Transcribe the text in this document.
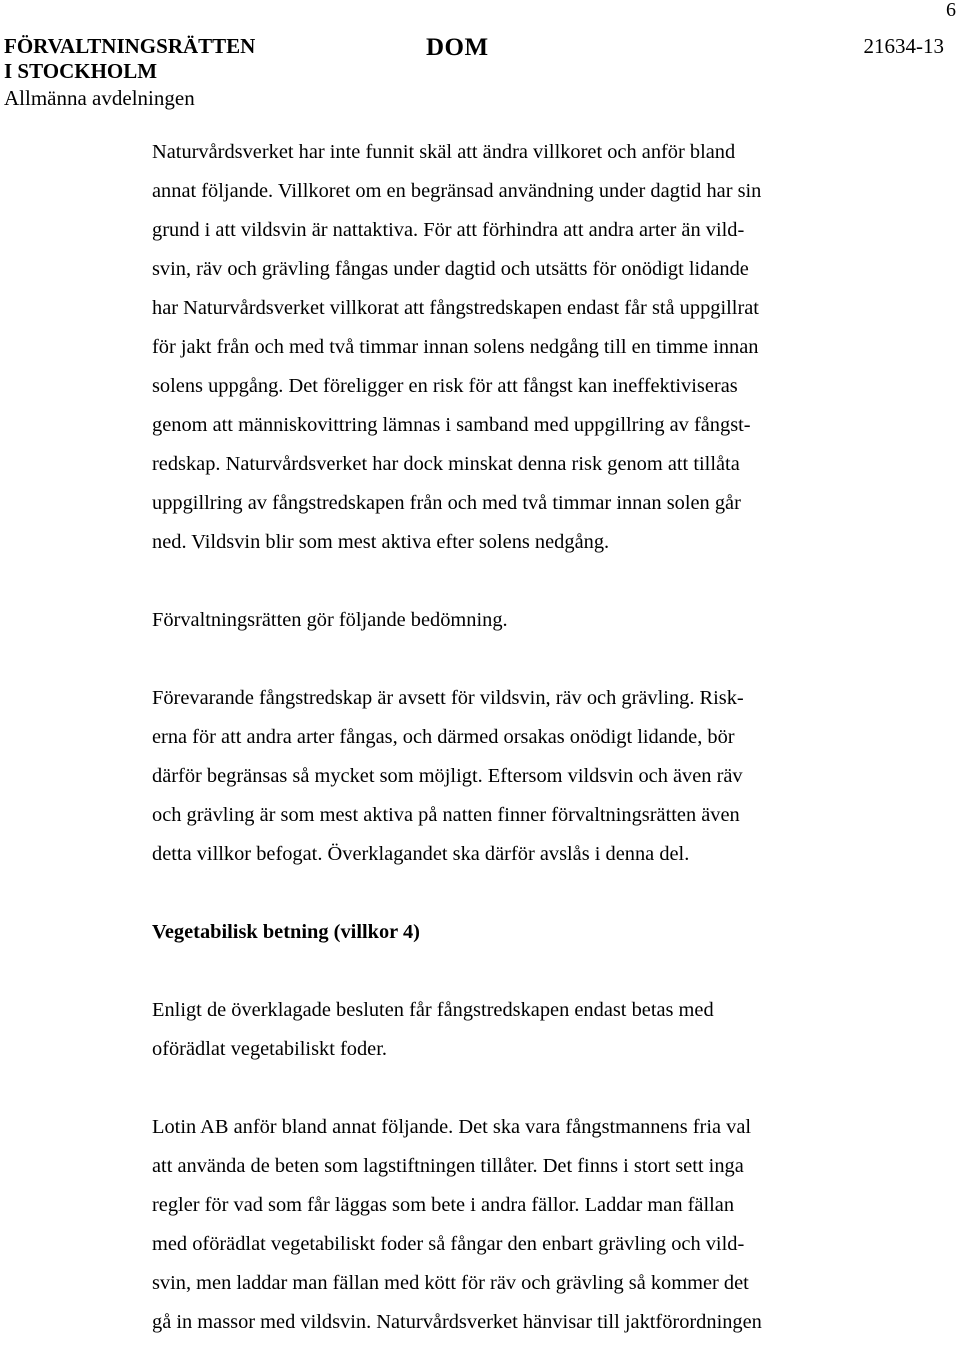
6
FÖRVALTNINGSRÄTTEN
I STOCKHOLM
Allmänna avdelningen
DOM	21634-13

Naturvårdsverket har inte funnit skäl att ändra villkoret och anför bland

annat följande. Villkoret om en begränsad användning under dagtid har sin

grund i att vildsvin är nattaktiva. För att förhindra att andra arter än vild-

svin, räv och grävling fångas under dagtid och utsätts för onödigt lidande

har Naturvårdsverket villkorat att fångstredskapen endast får stå uppgillrat

för jakt från och med två timmar innan solens nedgång till en timme innan

solens uppgång. Det föreligger en risk för att fångst kan ineffektiviseras

genom att människovittring lämnas i samband med uppgillring av fångst-

redskap. Naturvårdsverket har dock minskat denna risk genom att tillåta

uppgillring av fångstredskapen från och med två timmar innan solen går

ned. Vildsvin blir som mest aktiva efter solens nedgång.

Förvaltningsrätten gör följande bedömning.

Förevarande fångstredskap är avsett för vildsvin, räv och grävling. Risk-

erna för att andra arter fångas, och därmed orsakas onödigt lidande, bör

därför begränsas så mycket som möjligt. Eftersom vildsvin och även räv

och grävling är som mest aktiva på natten finner förvaltningsrätten även

detta villkor befogat. Överklagandet ska därför avslås i denna del.

Vegetabilisk betning (villkor 4)

Enligt de överklagade besluten får fångstredskapen endast betas med

oförädlat vegetabiliskt foder.

Lotin AB anför bland annat följande. Det ska vara fångstmannens fria val

att använda de beten som lagstiftningen tillåter. Det finns i stort sett inga

regler för vad som får läggas som bete i andra fällor. Laddar man fällan

med oförädlat vegetabiliskt foder så fångar den enbart grävling och vild-

svin, men laddar man fällan med kött för räv och grävling så kommer det

gå in massor med vildsvin. Naturvårdsverket hänvisar till jaktförordningen
